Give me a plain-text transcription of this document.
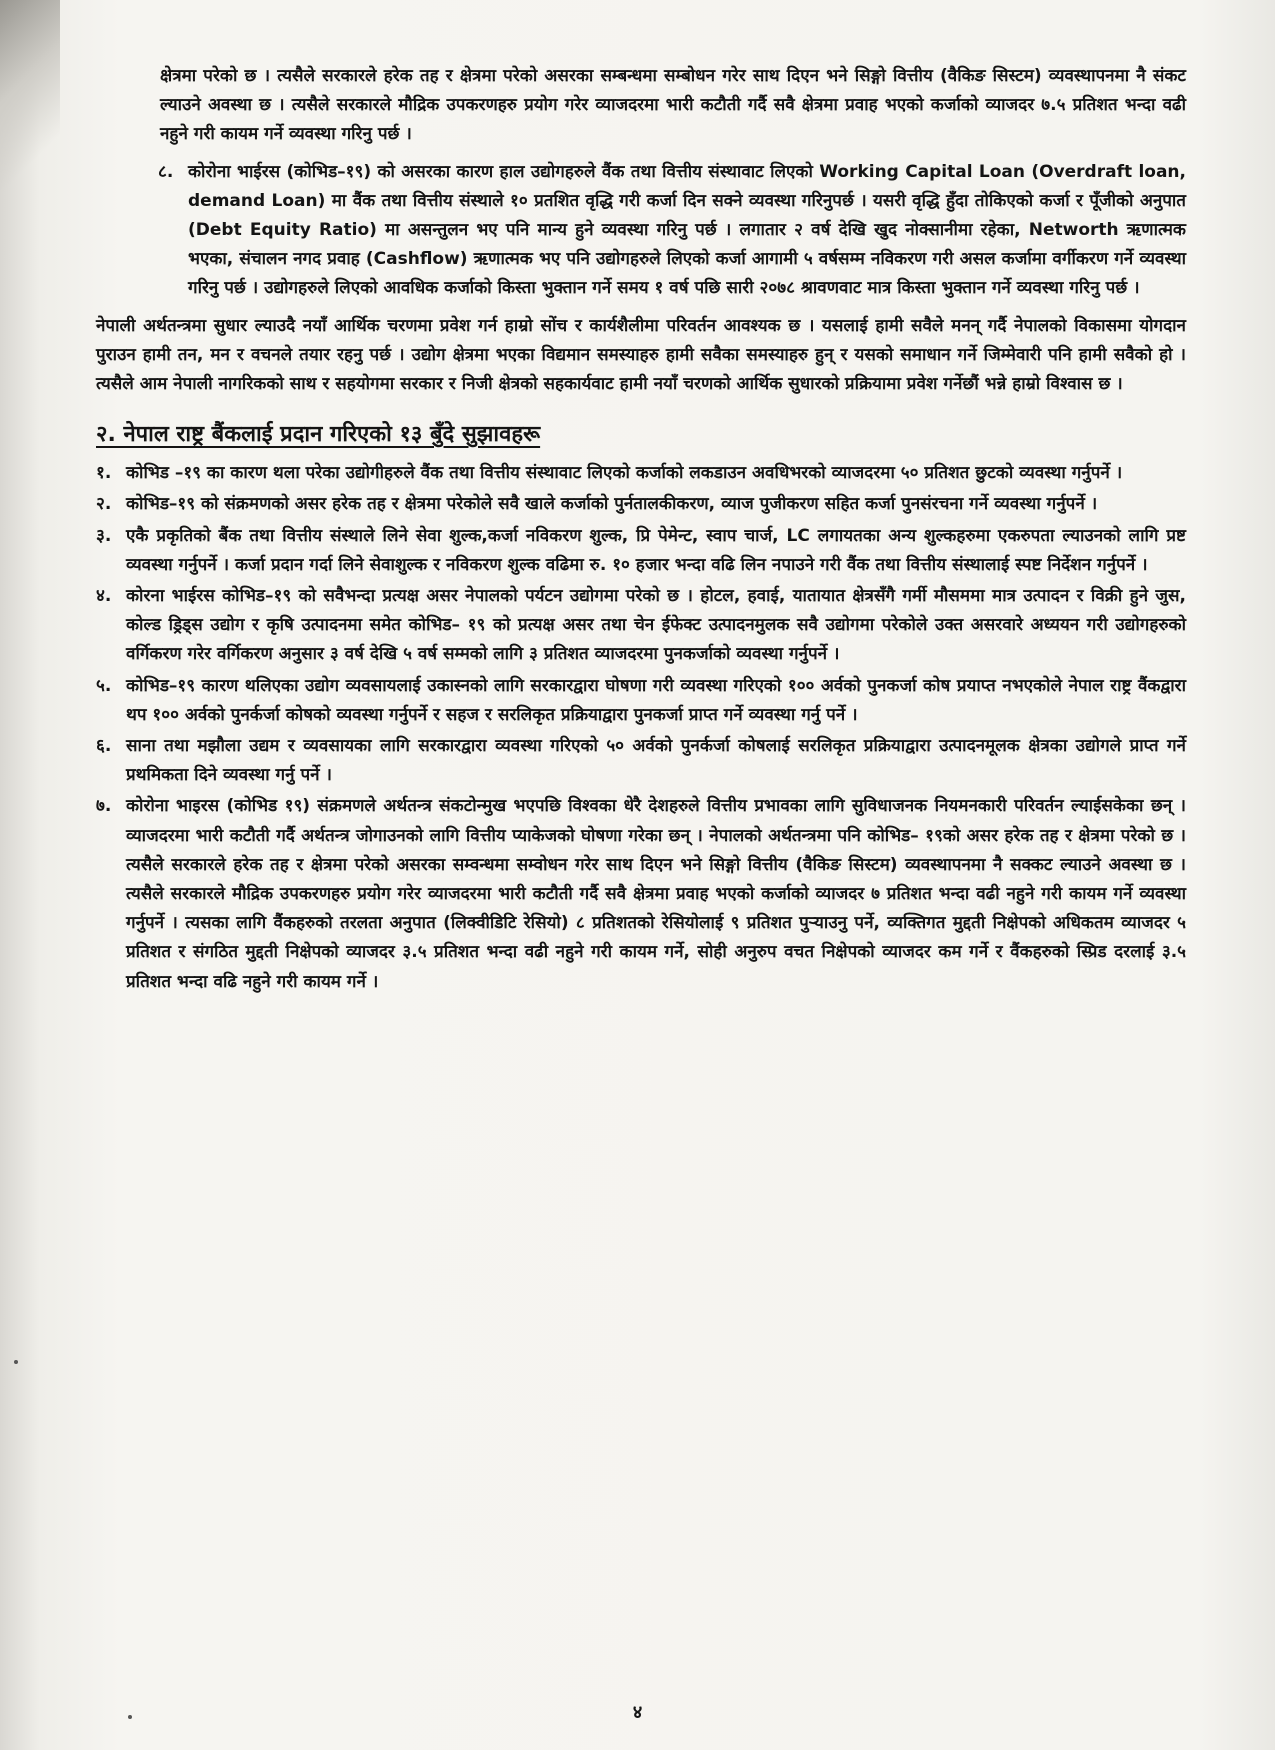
क्षेत्रमा परेको छ । त्यसैले सरकारले हरेक तह र क्षेत्रमा परेको असरका सम्बन्धमा सम्बोधन गरेर साथ दिएन भने सिङ्गो वित्तीय (वैकिङ सिस्टम) व्यवस्थापनमा नै संकट ल्याउने अवस्था छ । त्यसैले सरकारले मौद्रिक उपकरणहरु प्रयोग गरेर व्याजदरमा भारी कटौती गर्दै सवै क्षेत्रमा प्रवाह भएको कर्जाको व्याजदर ७.५ प्रतिशत भन्दा वढी नहुने गरी कायम गर्ने व्यवस्था गरिनु पर्छ ।

८. कोरोना भाईरस (कोभिड–१९) को असरका कारण हाल उद्योगहरुले वैंक तथा वित्तीय संस्थावाट लिएको Working Capital Loan (Overdraft loan, demand Loan) मा वैंक तथा वित्तीय संस्थाले १० प्रतशित वृद्धि गरी कर्जा दिन सक्ने व्यवस्था गरिनुपर्छ । यसरी वृद्धि हुँदा तोकिएको कर्जा र पूँजीको अनुपात (Debt Equity Ratio) मा असन्तुलन भए पनि मान्य हुने व्यवस्था गरिनु पर्छ । लगातार २ वर्ष देखि खुद नोक्सानीमा रहेका, Networth ऋणात्मक भएका, संचालन नगद प्रवाह (Cashflow) ऋणात्मक भए पनि उद्योगहरुले लिएको कर्जा आगामी ५ वर्षसम्म नविकरण गरी असल कर्जामा वर्गीकरण गर्ने व्यवस्था गरिनु पर्छ । उद्योगहरुले लिएको आवधिक कर्जाको किस्ता भुक्तान गर्ने समय १ वर्ष पछि सारी २०७८ श्रावणवाट मात्र किस्ता भुक्तान गर्ने व्यवस्था गरिनु पर्छ ।

नेपाली अर्थतन्त्रमा सुधार ल्याउदै नयाँ आर्थिक चरणमा प्रवेश गर्न हाम्रो सोंच र कार्यशैलीमा परिवर्तन आवश्यक छ । यसलाई हामी सवैले मनन् गर्दै नेपालको विकासमा योगदान पुराउन हामी तन, मन र वचनले तयार रहनु पर्छ । उद्योग क्षेत्रमा भएका विद्यमान समस्याहरु हामी सवैका समस्याहरु हुन् र यसको समाधान गर्ने जिम्मेवारी पनि हामी सवैको हो । त्यसैले आम नेपाली नागरिकको साथ र सहयोगमा सरकार र निजी क्षेत्रको सहकार्यवाट हामी नयाँ चरणको आर्थिक सुधारको प्रक्रियामा प्रवेश गर्नेछौं भन्ने हाम्रो विश्वास छ ।

२. नेपाल राष्ट्र बैंकलाई प्रदान गरिएको १३ बुँदे सुझावहरू
१. कोभिड –१९ का कारण थला परेका उद्योगीहरुले वैंक तथा वित्तीय संस्थावाट लिएको कर्जाको लकडाउन अवधिभरको व्याजदरमा ५० प्रतिशत छुटको व्यवस्था गर्नुपर्ने ।
२. कोभिड–१९ को संक्रमणको असर हरेक तह र क्षेत्रमा परेकोले सवै खाले कर्जाको पुर्नतालकीकरण, व्याज पुजीकरण सहित कर्जा पुनसंरचना गर्ने व्यवस्था गर्नुपर्ने ।
३. एकै प्रकृतिको बैंक तथा वित्तीय संस्थाले लिने सेवा शुल्क,कर्जा नविकरण शुल्क, प्रि पेमेन्ट, स्वाप चार्ज, LC लगायतका अन्य शुल्कहरुमा एकरुपता ल्याउनको लागि प्रष्ट व्यवस्था गर्नुपर्ने । कर्जा प्रदान गर्दा लिने सेवाशुल्क र नविकरण शुल्क वढिमा रु. १० हजार भन्दा वढि लिन नपाउने गरी वैंक तथा वित्तीय संस्थालाई स्पष्ट निर्देशन गर्नुपर्ने ।
४. कोरना भाईरस कोभिड–१९ को सवैभन्दा प्रत्यक्ष असर नेपालको पर्यटन उद्योगमा परेको छ । होटल, हवाई, यातायात क्षेत्रसँगै गर्मी मौसममा मात्र उत्पादन र विक्री हुने जुस, कोल्ड ड्रिड्स उद्योग र कृषि उत्पादनमा समेत कोभिड– १९ को प्रत्यक्ष असर तथा चेन ईफेक्ट उत्पादनमुलक सवै उद्योगमा परेकोले उक्त असरवारे अध्ययन गरी उद्योगहरुको वर्गिकरण गरेर वर्गिकरण अनुसार ३ वर्ष देखि ५ वर्ष सम्मको लागि ३ प्रतिशत व्याजदरमा पुनकर्जाको व्यवस्था गर्नुपर्ने ।
५. कोभिड–१९ कारण थलिएका उद्योग व्यवसायलाई उकास्नको लागि सरकारद्वारा घोषणा गरी व्यवस्था गरिएको १०० अर्वको पुनकर्जा कोष प्रयाप्त नभएकोले नेपाल राष्ट्र वैंकद्वारा थप १०० अर्वको पुनर्कर्जा कोषको व्यवस्था गर्नुपर्ने र सहज र सरलिकृत प्रक्रियाद्वारा पुनकर्जा प्राप्त गर्ने व्यवस्था गर्नु पर्ने ।
६. साना तथा मझौला उद्यम र व्यवसायका लागि सरकारद्वारा व्यवस्था गरिएको ५० अर्वको पुनर्कर्जा कोषलाई सरलिकृत प्रक्रियाद्वारा उत्पादनमूलक क्षेत्रका उद्योगले प्राप्त गर्ने प्रथमिकता दिने व्यवस्था गर्नु पर्ने ।
७. कोरोना भाइरस (कोभिड १९) संक्रमणले अर्थतन्त्र संकटोन्मुख भएपछि विश्वका धेरै देशहरुले वित्तीय प्रभावका लागि सुविधाजनक नियमनकारी परिवर्तन ल्याईसकेका छन् । व्याजदरमा भारी कटौती गर्दै अर्थतन्त्र जोगाउनको लागि वित्तीय प्याकेजको घोषणा गरेका छन् । नेपालको अर्थतन्त्रमा पनि कोभिड– १९को असर हरेक तह र क्षेत्रमा परेको छ । त्यसैले सरकारले हरेक तह र क्षेत्रमा परेको असरका सम्वन्धमा सम्वोधन गरेर साथ दिएन भने सिङ्गो वित्तीय (वैकिङ सिस्टम) व्यवस्थापनमा नै सक्कट ल्याउने अवस्था छ । त्यसैले सरकारले मौद्रिक उपकरणहरु प्रयोग गरेर व्याजदरमा भारी कटौती गर्दै सवै क्षेत्रमा प्रवाह भएको कर्जाको व्याजदर ७ प्रतिशत भन्दा वढी नहुने गरी कायम गर्ने व्यवस्था गर्नुपर्ने । त्यसका लागि वैंकहरुको तरलता अनुपात (लिक्वीडिटि रेसियो) ८ प्रतिशतको रेसियोलाई ९ प्रतिशत पुऱ्याउनु पर्ने, व्यक्तिगत मुद्दती निक्षेपको अधिकतम व्याजदर ५ प्रतिशत र संगठित मुद्दती निक्षेपको व्याजदर ३.५ प्रतिशत भन्दा वढी नहुने गरी कायम गर्ने, सोही अनुरुप वचत निक्षेपको व्याजदर कम गर्ने र वैंकहरुको स्प्रिड दरलाई ३.५ प्रतिशत भन्दा वढि नहुने गरी कायम गर्ने ।
४
